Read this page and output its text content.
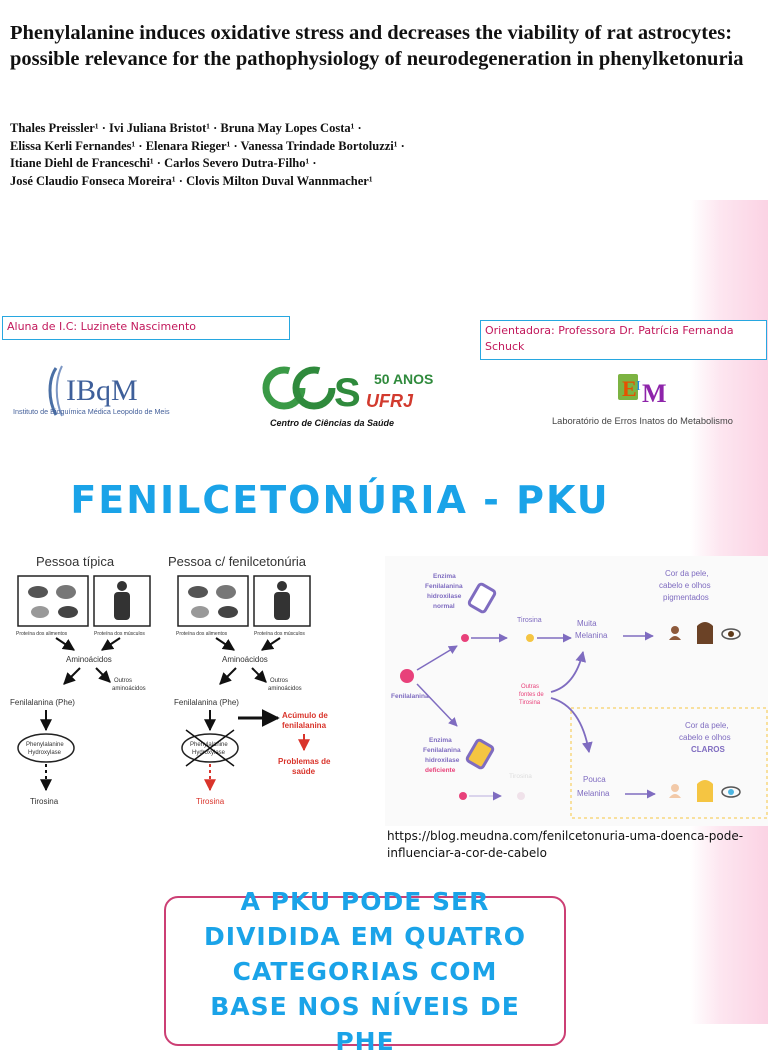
Phenylalanine induces oxidative stress and decreases the viability of rat astrocytes: possible relevance for the pathophysiology of neurodegeneration in phenylketonuria
Thales Preissler¹ · Ivi Juliana Bristot¹ · Bruna May Lopes Costa¹ ·
Elissa Kerli Fernandes¹ · Elenara Rieger¹ · Vanessa Trindade Bortoluzzi¹ ·
Itiane Diehl de Franceschi¹ · Carlos Severo Dutra-Filho¹ ·
José Claudio Fonseca Moreira¹ · Clovis Milton Duval Wannmacher¹
Aluna de I.C: Luzinete Nascimento	Orientadora: Professora Dr. Patrícia Fernanda Schuck
IBqM
Instituto de Bioquímica Médica Leopoldo de Meis	S 50 ANOS
UFRJ
Centro de Ciências da Saúde
E I M
Laboratório de Erros Inatos do Metabolismo
FENILCETONÚRIA - PKU
Pessoa típica	Pessoa c/ fenilcetonúria
Proteína dos alimentos	Proteína dos músculos
Aminoácidos
Outros
aminoácidos
Fenilalanina (Phe)
Phenylalanine
Hydroxylase
Tirosina
Proteína dos alimentos	Proteína dos músculos
Aminoácidos
Outros
aminoácidos
Fenilalanina (Phe)
Acúmulo de
fenilalanina
Problemas de
saúde
Phenylalanine
Hydroxylase
Tirosina
Enzima
Fenilalanina
hidroxilase
normal
Tirosina	Muita
Melanina
Cor da pele,
cabelo e olhos
pigmentados
Fenilalanina
Outras
fontes de
Tirosina
Enzima
Fenilalanina
hidroxilase
deficiente
Tirosina	Pouca
Melanina
Cor da pele,
cabelo e olhos
CLAROS
https://blog.meudna.com/fenilcetonuria-uma-doenca-pode-influenciar-a-cor-de-cabelo
A PKU PODE SER
DIVIDIDA EM QUATRO
CATEGORIAS COM
BASE NOS NÍVEIS DE
PHE
